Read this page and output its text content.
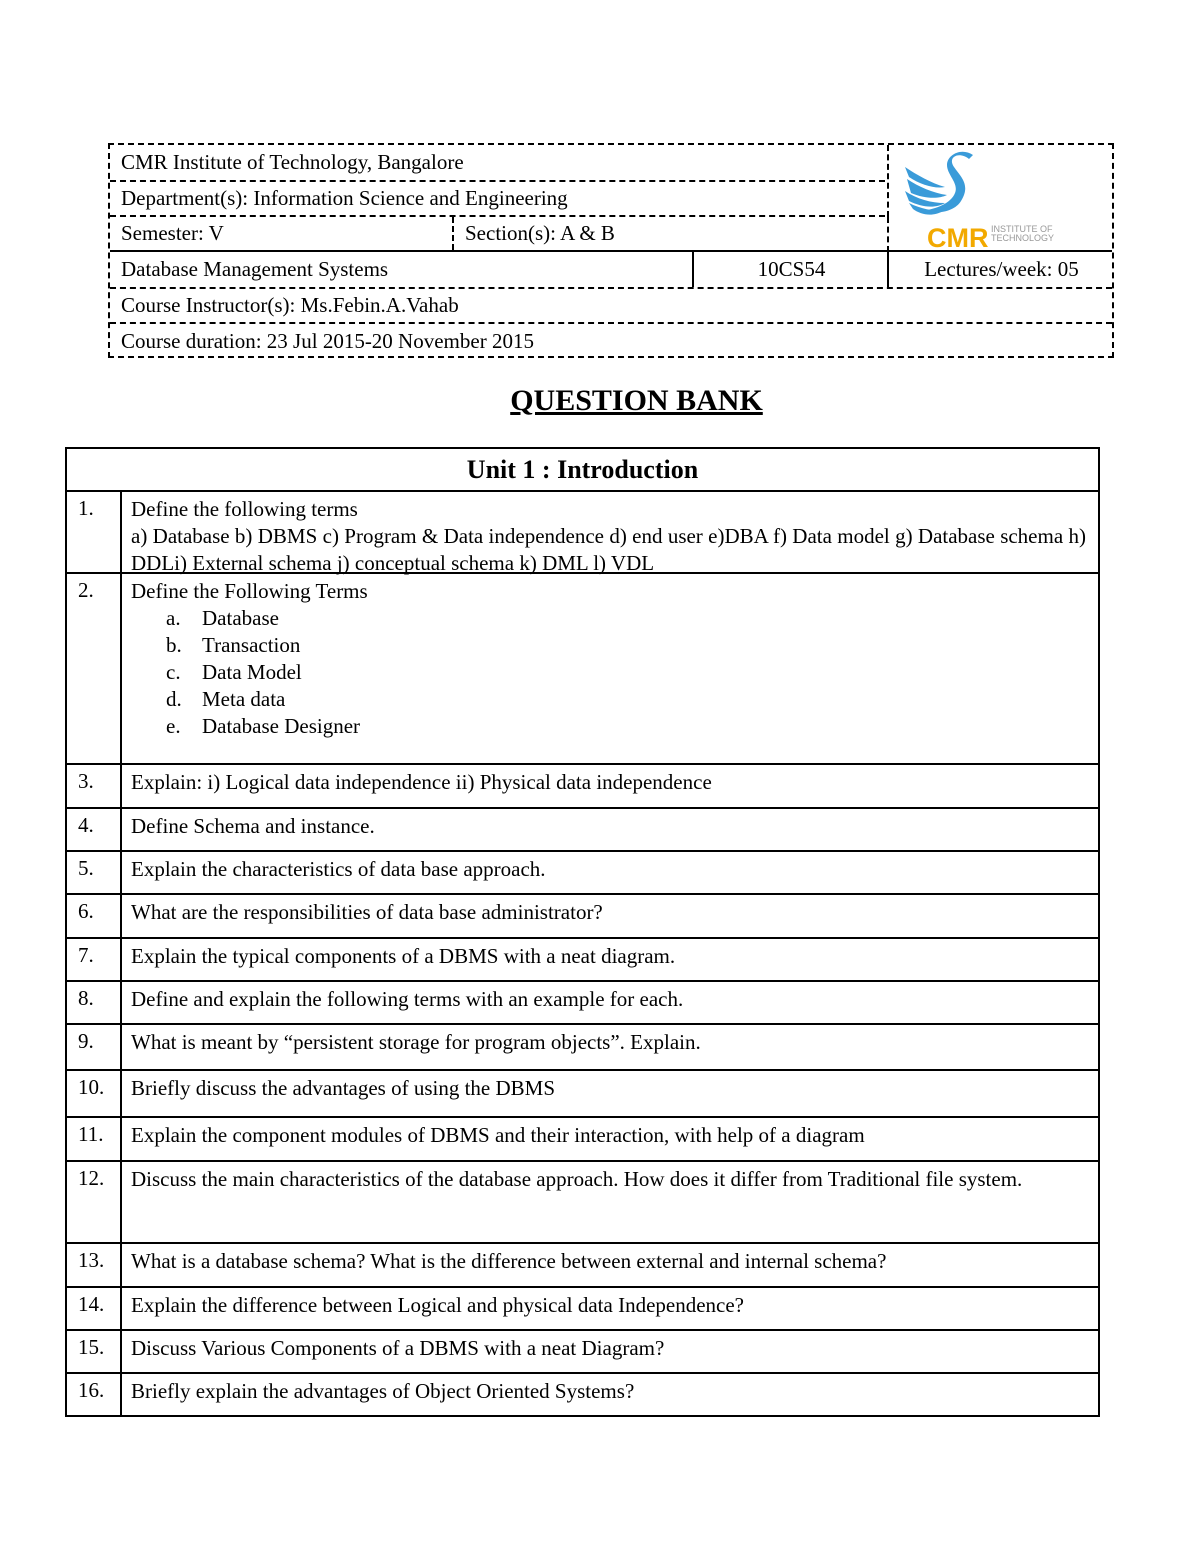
CMR Institute of Technology, Bangalore
Department(s): Information Science and Engineering
Semester: V	Section(s): A & B
Database Management Systems	10CS54	Lectures/week: 05
Course Instructor(s): Ms.Febin.A.Vahab
Course duration: 23 Jul 2015-20 November 2015
CMR INSTITUTE OF
TECHNOLOGY
QUESTION BANK
Unit 1 : Introduction
1. Define the following terms
a) Database b) DBMS c) Program & Data independence d) end user e)DBA f) Data model g) Database schema h) DDLi) External schema j) conceptual schema k) DML l) VDL
2. Define the Following Terms
a. Database
b. Transaction
c. Data Model
d. Meta data
e. Database Designer
3. Explain: i) Logical data independence ii) Physical data independence
4. Define Schema and instance.
5. Explain the characteristics of data base approach.
6. What are the responsibilities of data base administrator?
7. Explain the typical components of a DBMS with a neat diagram.
8. Define and explain the following terms with an example for each.
9. What is meant by “persistent storage for program objects”. Explain.
10. Briefly discuss the advantages of using the DBMS
11. Explain the component modules of DBMS and their interaction, with help of a diagram
12. Discuss the main characteristics of the database approach. How does it differ from Traditional file system.
13. What is a database schema? What is the difference between external and internal schema?
14. Explain the difference between Logical and physical data Independence?
15. Discuss Various Components of a DBMS with a neat Diagram?
16. Briefly explain the advantages of Object Oriented Systems?
